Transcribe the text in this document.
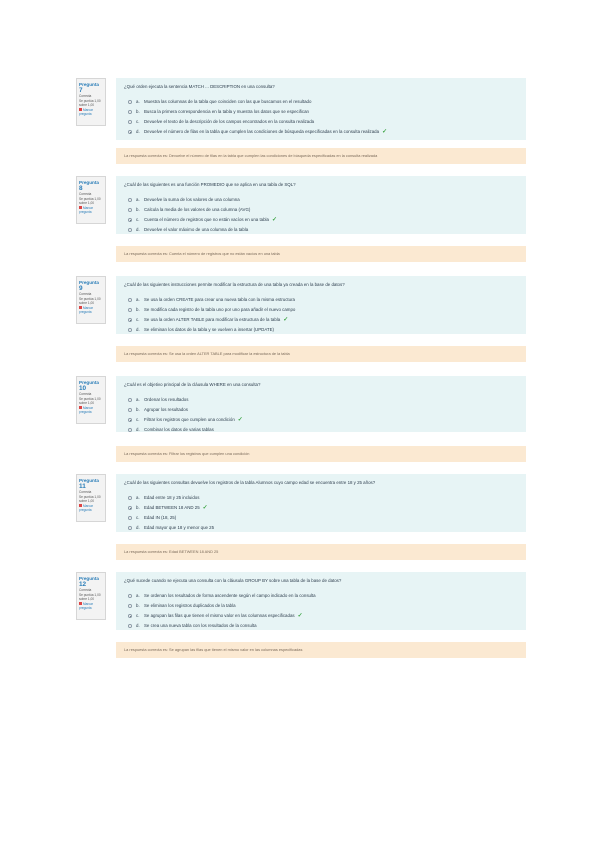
Pregunta 7
Correcta
Se puntúa 1,00 sobre 1,00
Marcar pregunta

¿Qué orden ejecuta la sentencia MATCH ... DESCRIPTION en una consulta?

a. Muestra las columnas de la tabla que coinciden con las que buscamos en el resultado
b. Busca la primera correspondencia en la tabla y muestra los datos que se especifican
c.	Devuelve el texto de la descripción de los campos encontrados en la consulta realizada
d. Devuelve el número de filas en la tabla que cumplen las condiciones de búsqueda especificadas en la consulta realizada ✓
La respuesta correcta es: Devuelve el número de filas en la tabla que cumplen las condiciones de búsqueda especificadas en la consulta realizada
Pregunta 8
Correcta
Se puntúa 1,00 sobre 1,00
Marcar pregunta

¿Cuál de las siguientes es una función PROMEDIO que se aplica en una tabla de SQL?

a. Devuelve la suma de los valores de una columna
b. Calcula la media de los valores de una columna (AVG)
c.	Cuenta el número de registros que no están vacíos en una tabla ✓
d. Devuelve el valor máximo de una columna de la tabla
La respuesta correcta es: Cuenta el número de registros que no están vacíos en una tabla
Pregunta 9
Correcta
Se puntúa 1,00 sobre 1,00
Marcar pregunta

¿Cuál de las siguientes instrucciones permite modificar la estructura de una tabla ya creada en la base de datos?

a. Se usa la orden CREATE para crear una nueva tabla con la misma estructura
b. Se modifica cada registro de la tabla uno por uno para añadir el nuevo campo
c.	Se usa la orden ALTER TABLE para modificar la estructura de la tabla ✓
d. Se eliminan los datos de la tabla y se vuelven a insertar (UPDATE)
La respuesta correcta es: Se usa la orden ALTER TABLE para modificar la estructura de la tabla
Pregunta 10
Correcta
Se puntúa 1,00 sobre 1,00
Marcar pregunta

¿Cuál es el objetivo principal de la cláusula WHERE en una consulta?

a. Ordenar los resultados
b. Agrupar los resultados
c.	Filtrar los registros que cumplen una condición ✓
d. Combinar los datos de varias tablas
La respuesta correcta es: Filtrar los registros que cumplen una condición
Pregunta 11
Correcta
Se puntúa 1,00 sobre 1,00
Marcar pregunta

¿Cuál de las siguientes consultas devuelve los registros de la tabla Alumnos cuyo campo edad se encuentra entre 18 y 25 años?

a. Edad entre 18 y 25 incluidos
b. Edad BETWEEN 18 AND 25 ✓
c.	Edad IN (18, 25)
d. Edad mayor que 18 y menor que 25
La respuesta correcta es: Edad BETWEEN 18 AND 25
Pregunta 12
Correcta
Se puntúa 1,00 sobre 1,00
Marcar pregunta

¿Qué sucede cuando se ejecuta una consulta con la cláusula GROUP BY sobre una tabla de la base de datos?

a. Se ordenan los resultados de forma ascendente según el campo indicado en la consulta
b. Se eliminan los registros duplicados de la tabla
c.	Se agrupan las filas que tienen el mismo valor en las columnas especificadas ✓
d. Se crea una nueva tabla con los resultados de la consulta
La respuesta correcta es: Se agrupan las filas que tienen el mismo valor en las columnas especificadas
